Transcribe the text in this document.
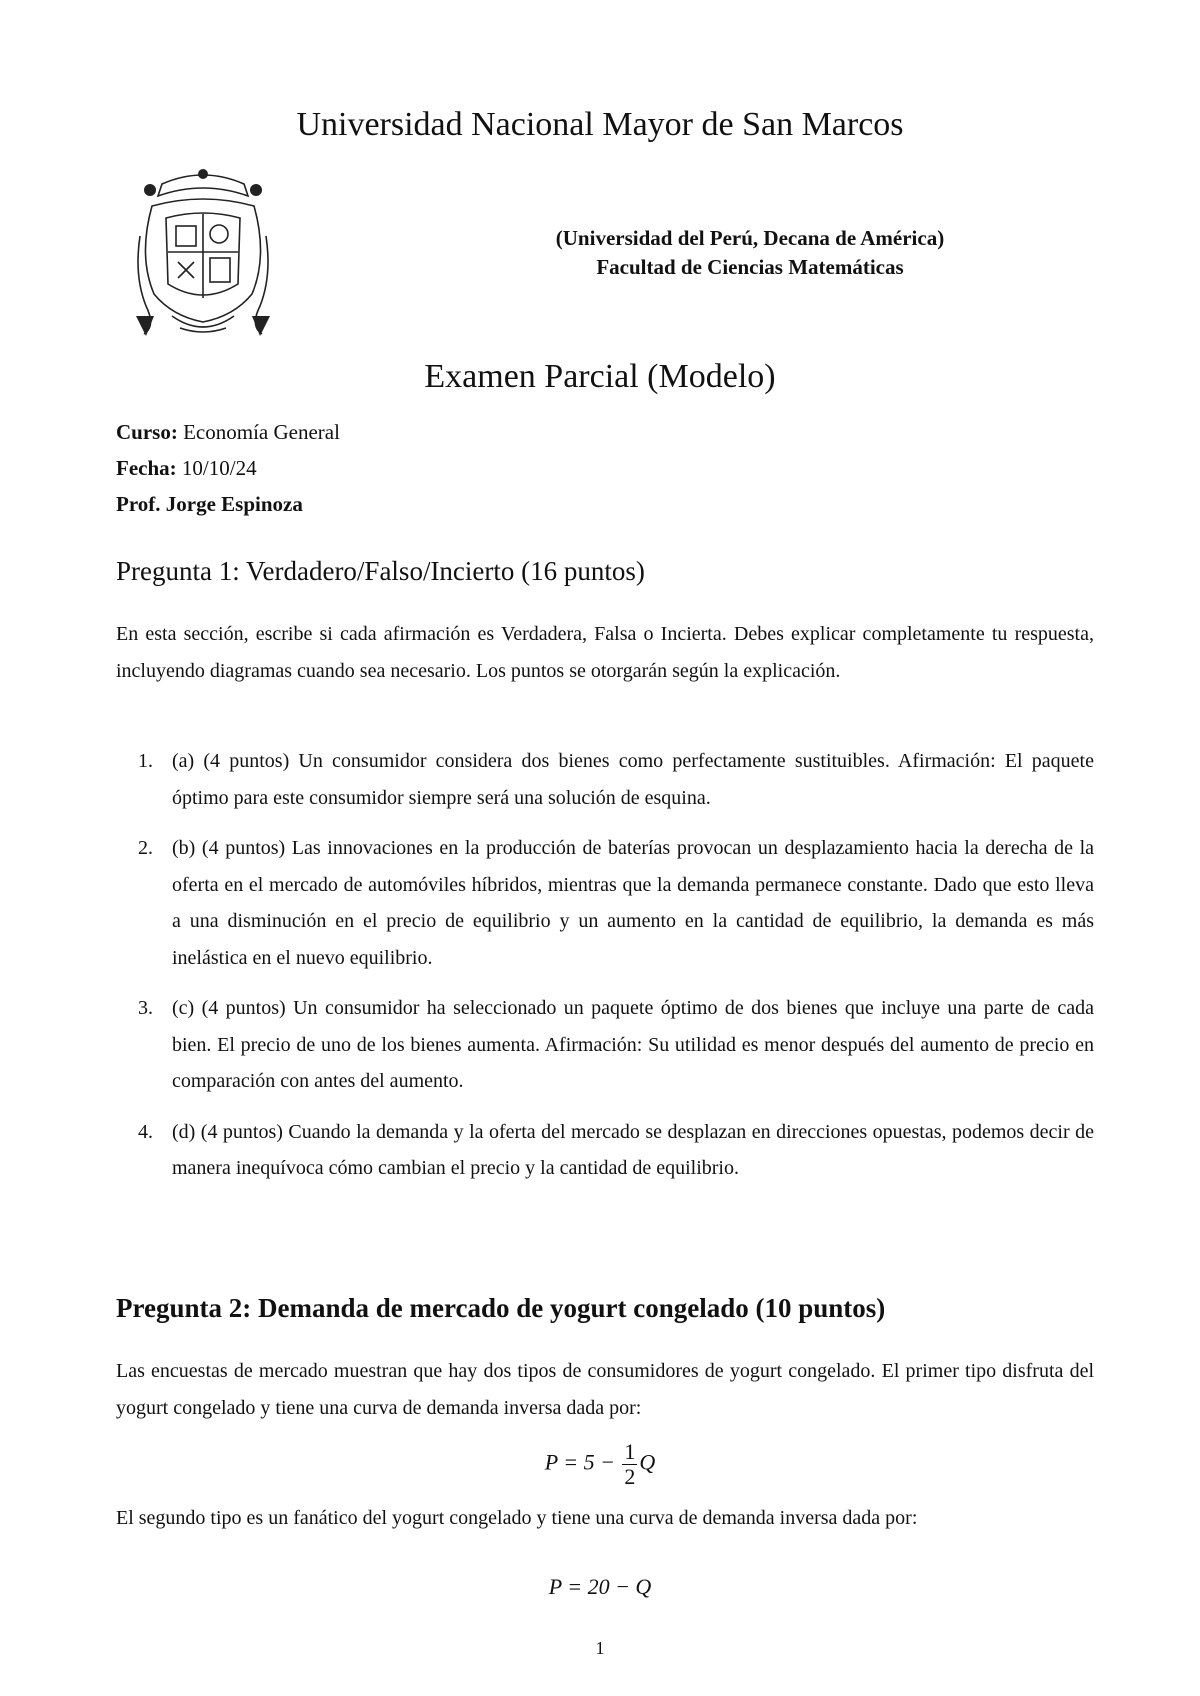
Universidad Nacional Mayor de San Marcos
(Universidad del Perú, Decana de América)
Facultad de Ciencias Matemáticas
Examen Parcial (Modelo)
Curso: Economía General
Fecha: 10/10/24
Prof. Jorge Espinoza
Pregunta 1: Verdadero/Falso/Incierto (16 puntos)
En esta sección, escribe si cada afirmación es Verdadera, Falsa o Incierta. Debes explicar completamente tu respuesta, incluyendo diagramas cuando sea necesario. Los puntos se otorgarán según la explicación.
1. (a) (4 puntos) Un consumidor considera dos bienes como perfectamente sustituibles. Afirmación: El paquete óptimo para este consumidor siempre será una solución de esquina.
2. (b) (4 puntos) Las innovaciones en la producción de baterías provocan un desplazamiento hacia la derecha de la oferta en el mercado de automóviles híbridos, mientras que la demanda permanece constante. Dado que esto lleva a una disminución en el precio de equilibrio y un aumento en la cantidad de equilibrio, la demanda es más inelástica en el nuevo equilibrio.
3. (c) (4 puntos) Un consumidor ha seleccionado un paquete óptimo de dos bienes que incluye una parte de cada bien. El precio de uno de los bienes aumenta. Afirmación: Su utilidad es menor después del aumento de precio en comparación con antes del aumento.
4. (d) (4 puntos) Cuando la demanda y la oferta del mercado se desplazan en direcciones opuestas, podemos decir de manera inequívoca cómo cambian el precio y la cantidad de equilibrio.
Pregunta 2: Demanda de mercado de yogurt congelado (10 puntos)
Las encuestas de mercado muestran que hay dos tipos de consumidores de yogurt congelado. El primer tipo disfruta del yogurt congelado y tiene una curva de demanda inversa dada por:
$P = 5 - \frac{1}{2}$ Q
El segundo tipo es un fanático del yogurt congelado y tiene una curva de demanda inversa dada por:
P = 20 − Q
1
